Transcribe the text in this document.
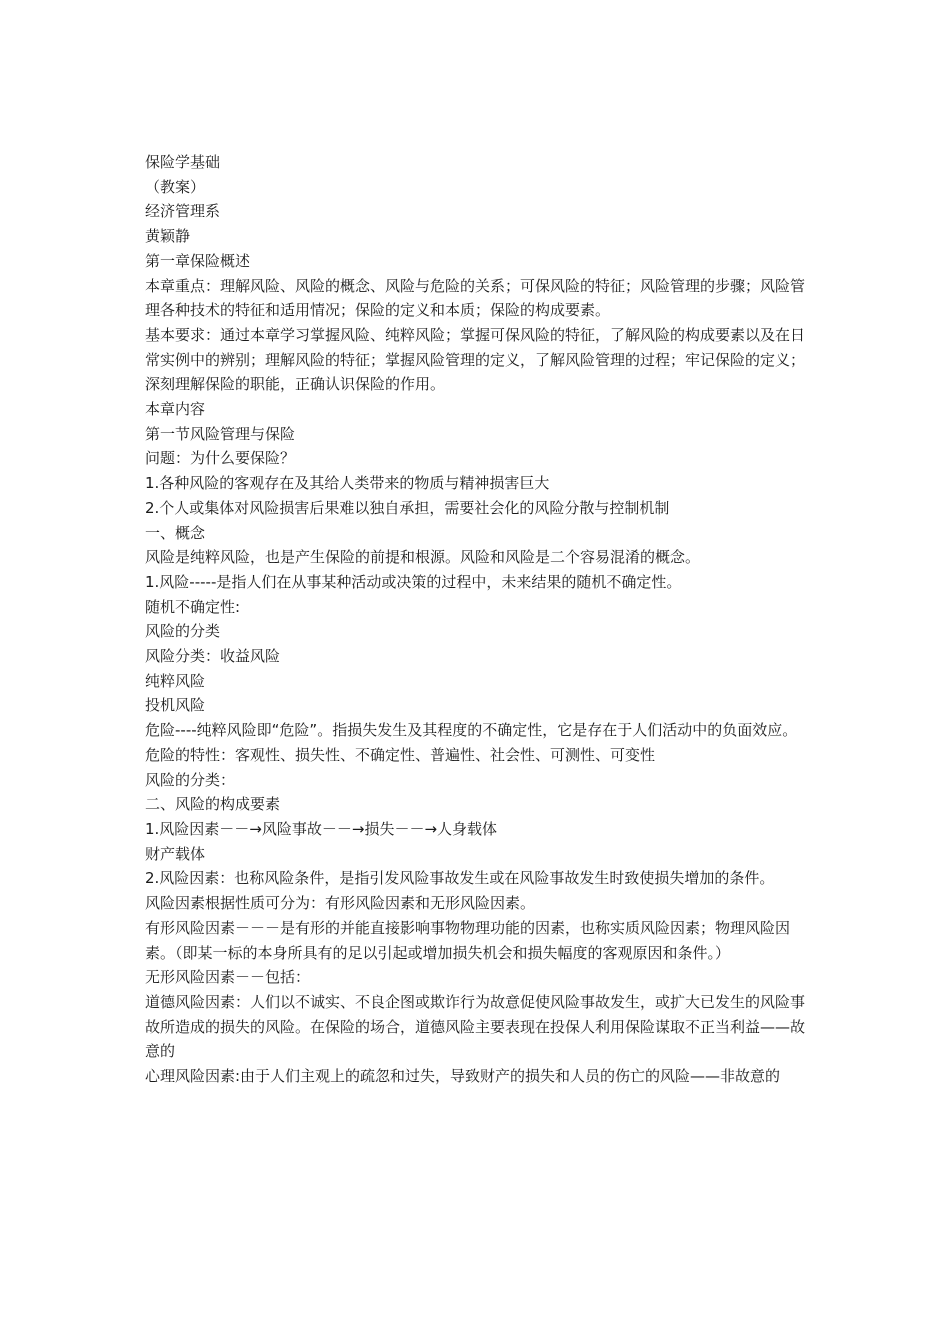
保险学基础

（教案）

经济管理系

黄颖静

第一章保险概述

本章重点：理解风险、风险的概念、风险与危险的关系；可保风险的特征；风险管理的步骤；风险管理各种技术的特征和适用情况；保险的定义和本质；保险的构成要素。

基本要求：通过本章学习掌握风险、纯粹风险；掌握可保风险的特征，了解风险的构成要素以及在日常实例中的辨别；理解风险的特征；掌握风险管理的定义，了解风险管理的过程；牢记保险的定义；深刻理解保险的职能，正确认识保险的作用。

本章内容

第一节风险管理与保险

问题：为什么要保险？

1.各种风险的客观存在及其给人类带来的物质与精神损害巨大

2.个人或集体对风险损害后果难以独自承担，需要社会化的风险分散与控制机制

一、概念

风险是纯粹风险，也是产生保险的前提和根源。风险和风险是二个容易混淆的概念。

1.风险-----是指人们在从事某种活动或决策的过程中，未来结果的随机不确定性。

随机不确定性:

风险的分类

风险分类：收益风险

纯粹风险

投机风险

危险----纯粹风险即“危险”。指损失发生及其程度的不确定性，它是存在于人们活动中的负面效应。

危险的特性：客观性、损失性、不确定性、普遍性、社会性、可测性、可变性

风险的分类：

二、风险的构成要素

1.风险因素－－→风险事故－－→损失－－→人身载体

财产载体

2.风险因素：也称风险条件，是指引发风险事故发生或在风险事故发生时致使损失增加的条件。

风险因素根据性质可分为：有形风险因素和无形风险因素。

有形风险因素－－－是有形的并能直接影响事物物理功能的因素，也称实质风险因素；物理风险因素。（即某一标的本身所具有的足以引起或增加损失机会和损失幅度的客观原因和条件。）

无形风险因素－－包括：

道德风险因素：人们以不诚实、不良企图或欺诈行为故意促使风险事故发生，或扩大已发生的风险事故所造成的损失的风险。在保险的场合，道德风险主要表现在投保人利用保险谋取不正当利益——故意的

心理风险因素:由于人们主观上的疏忽和过失，导致财产的损失和人员的伤亡的风险——非故意的
